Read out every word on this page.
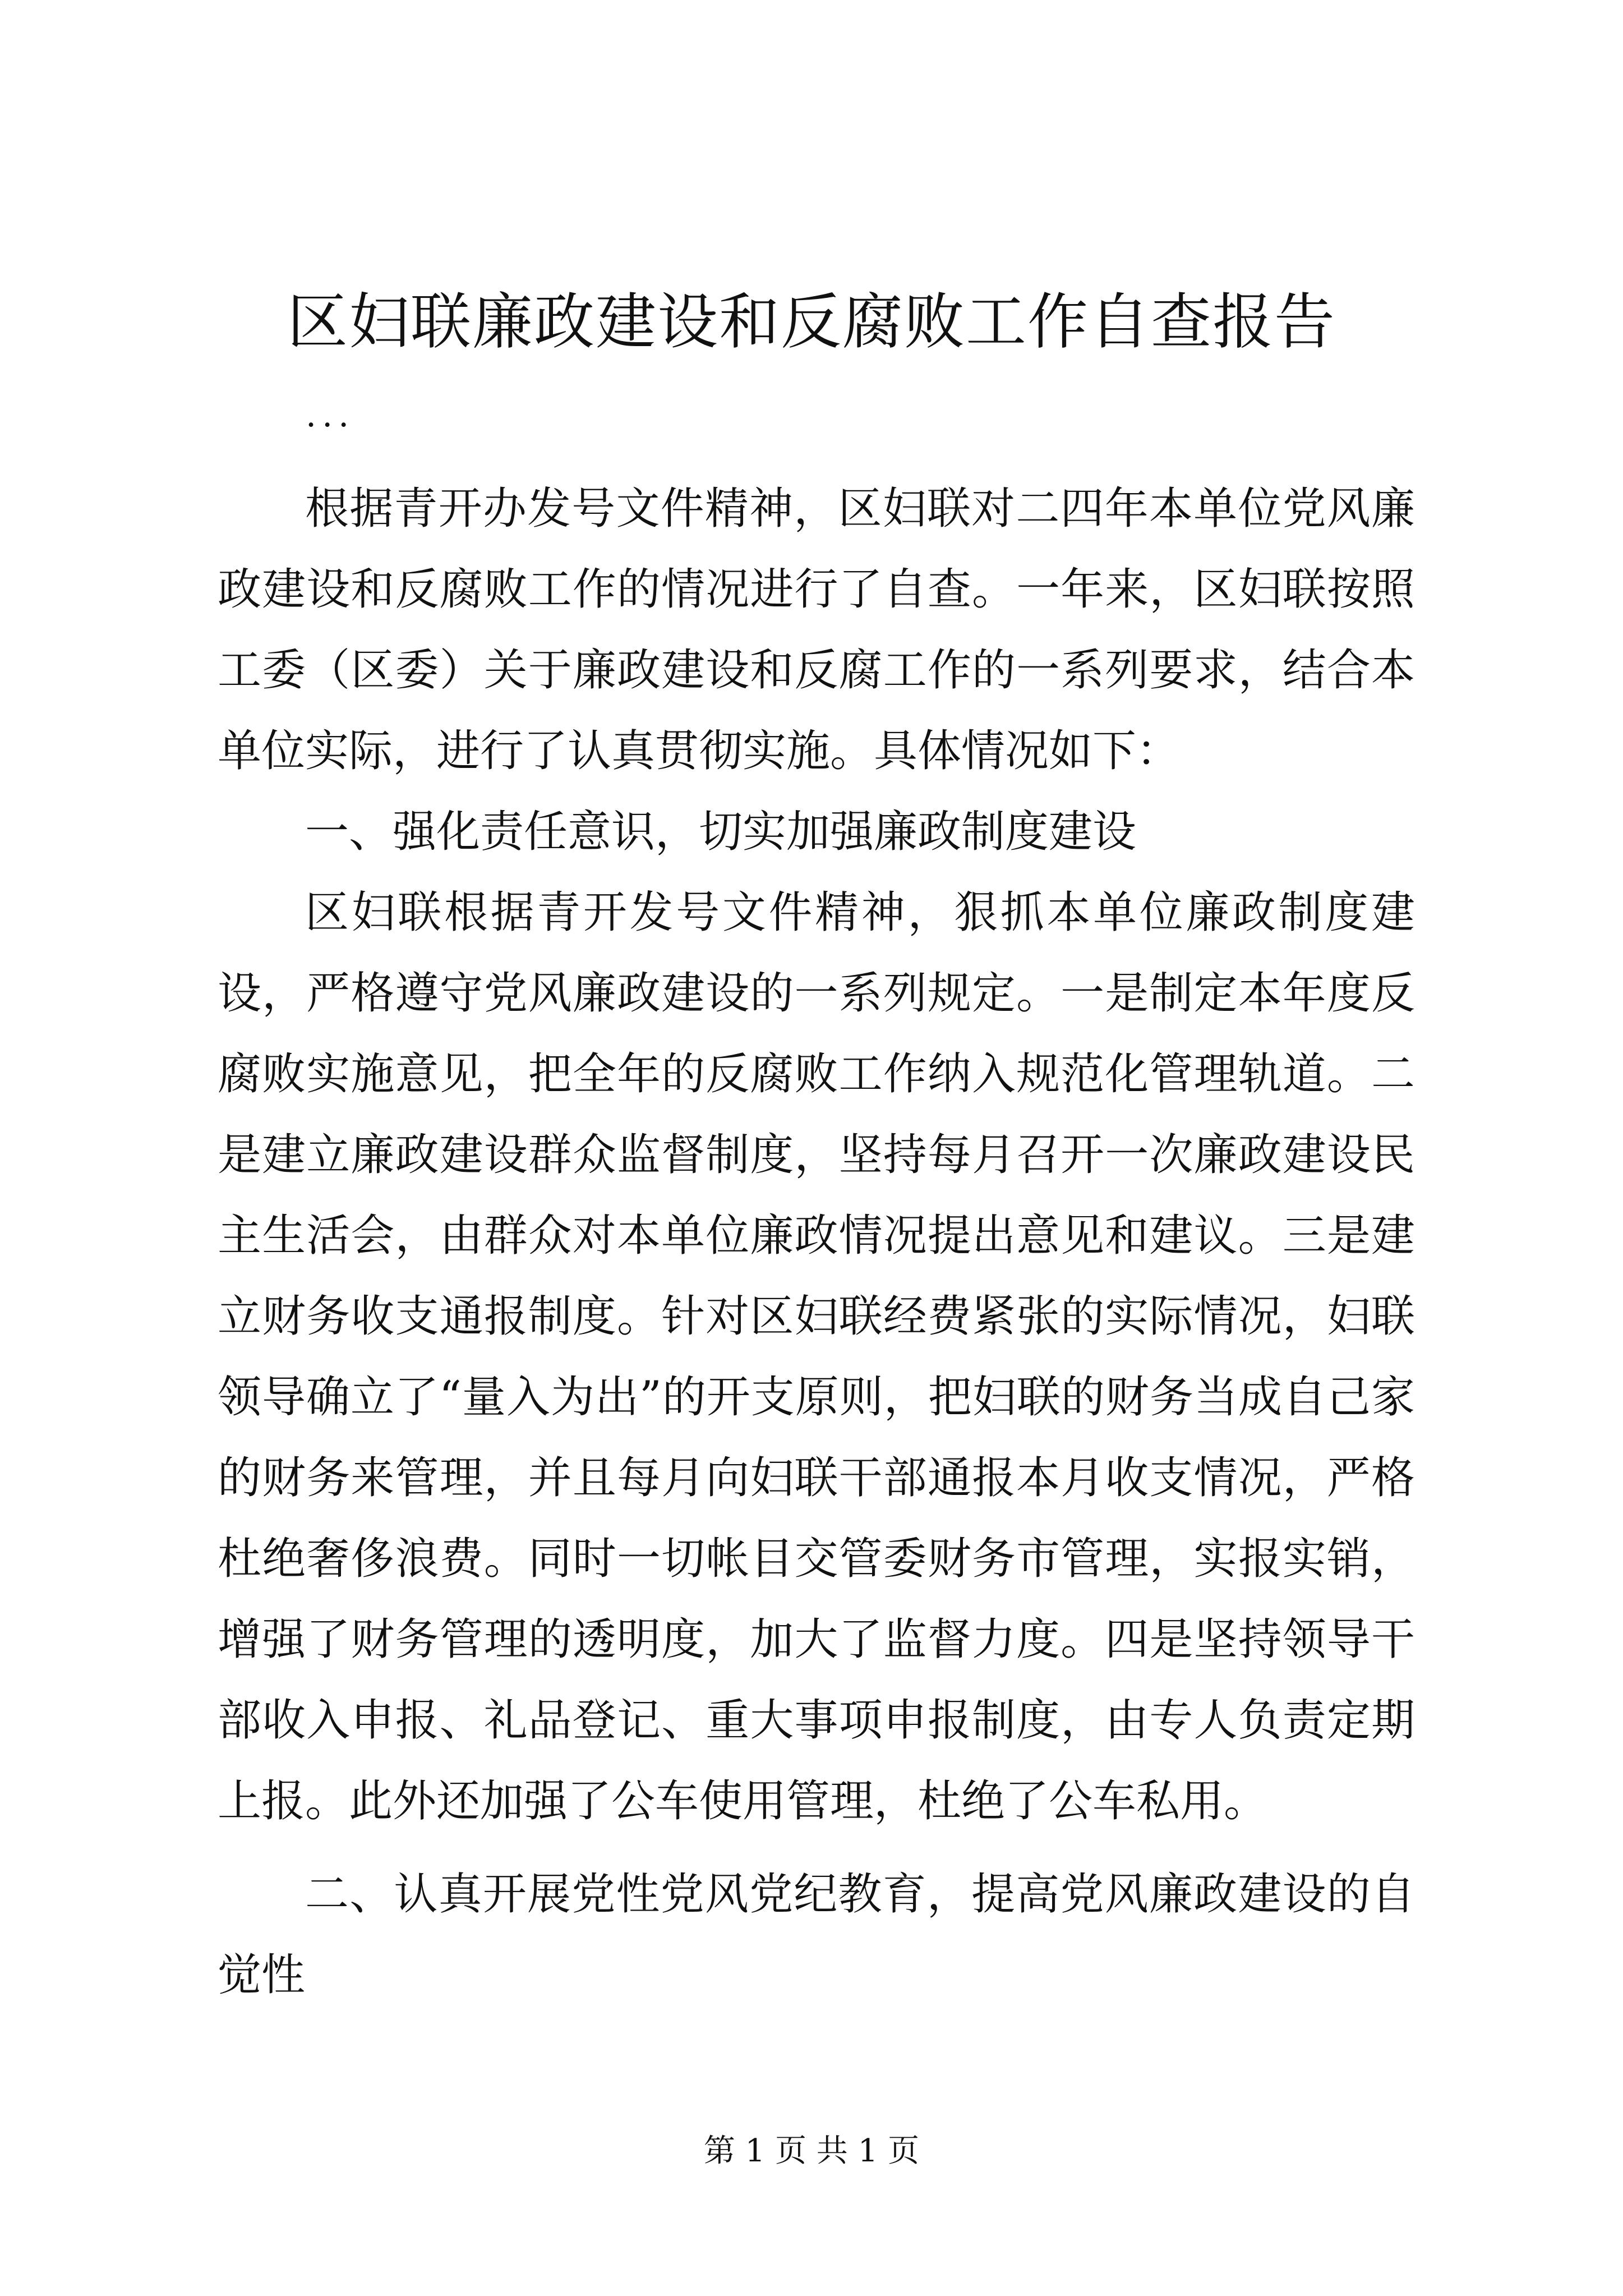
区妇联廉政建设和反腐败工作自查报告
...

根据青开办发号文件精神，区妇联对二四年本单位党风廉政建设和反腐败工作的情况进行了自查。一年来，区妇联按照工委（区委）关于廉政建设和反腐工作的一系列要求，结合本单位实际，进行了认真贯彻实施。具体情况如下：

一、强化责任意识，切实加强廉政制度建设

区妇联根据青开发号文件精神，狠抓本单位廉政制度建设，严格遵守党风廉政建设的一系列规定。一是制定本年度反腐败实施意见，把全年的反腐败工作纳入规范化管理轨道。二是建立廉政建设群众监督制度，坚持每月召开一次廉政建设民主生活会，由群众对本单位廉政情况提出意见和建议。三是建立财务收支通报制度。针对区妇联经费紧张的实际情况，妇联领导确立了“量入为出”的开支原则，把妇联的财务当成自己家的财务来管理，并且每月向妇联干部通报本月收支情况，严格杜绝奢侈浪费。同时一切帐目交管委财务市管理，实报实销，增强了财务管理的透明度，加大了监督力度。四是坚持领导干部收入申报、礼品登记、重大事项申报制度，由专人负责定期上报。此外还加强了公车使用管理，杜绝了公车私用。

二、认真开展党性党风党纪教育，提高党风廉政建设的自觉性

第 1 页 共 1 页
